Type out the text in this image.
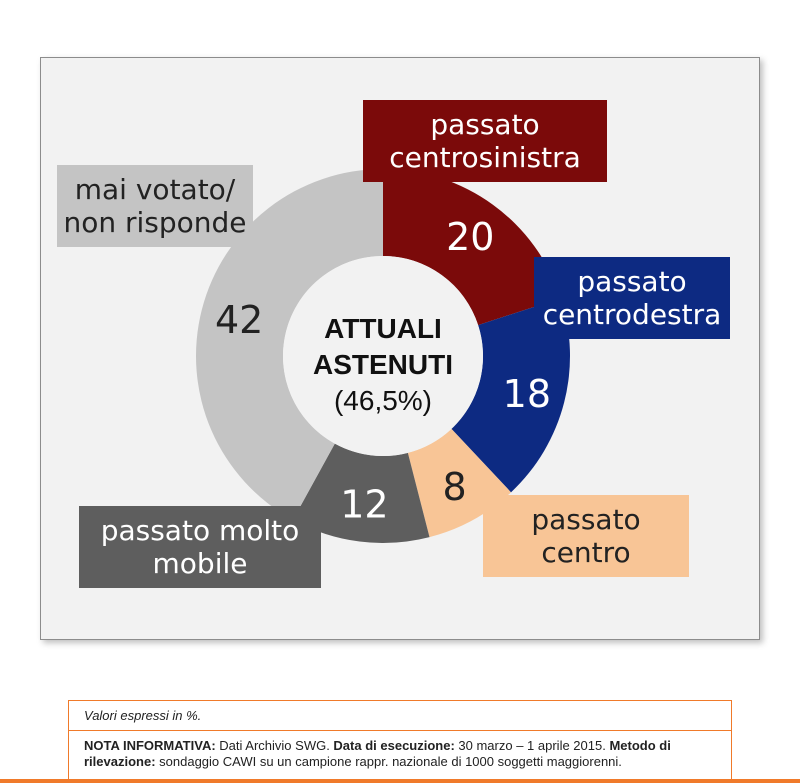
20
18
8
12
42 ATTUALI
ASTENUTI
(46,5%)
passato
centrosinistra
passato
centrodestra
passato
centro
passato molto
mobile
mai votato/
non risponde
Valori espressi in %.
NOTA INFORMATIVA: Dati Archivio SWG. Data di esecuzione: 30 marzo – 1 aprile 2015. Metodo di rilevazione: sondaggio CAWI su un campione rappr. nazionale di 1000 soggetti maggiorenni.
